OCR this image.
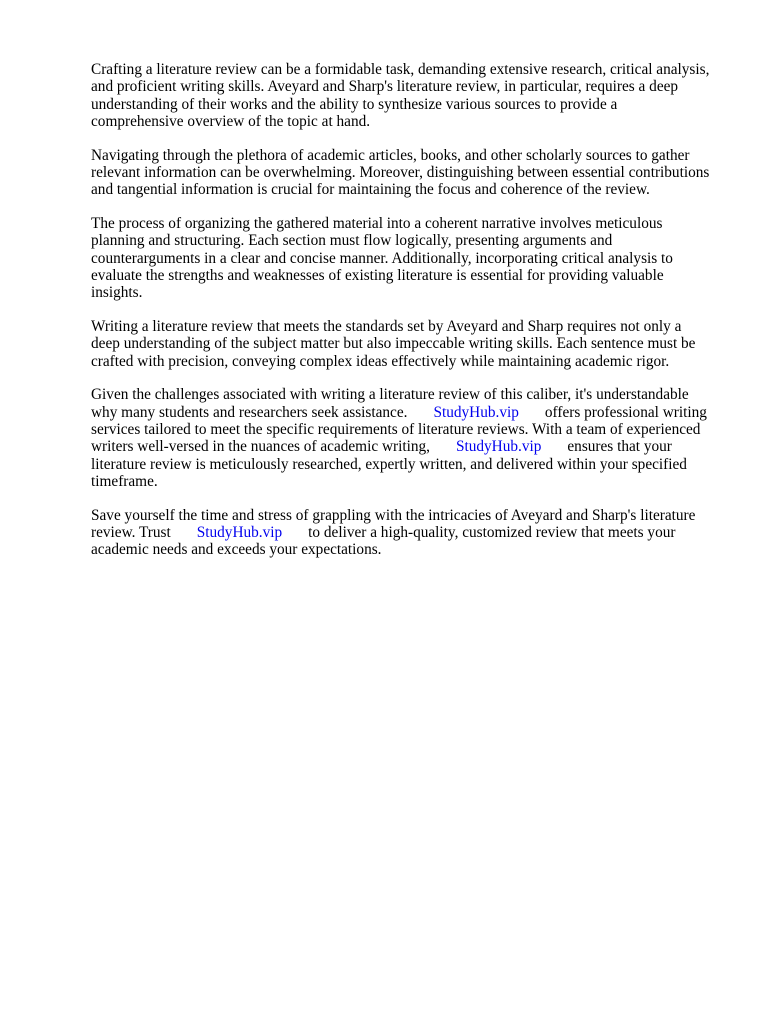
Crafting a literature review can be a formidable task, demanding extensive research, critical analysis,
and proficient writing skills. Aveyard and Sharp's literature review, in particular, requires a deep
understanding of their works and the ability to synthesize various sources to provide a
comprehensive overview of the topic at hand.

Navigating through the plethora of academic articles, books, and other scholarly sources to gather
relevant information can be overwhelming. Moreover, distinguishing between essential contributions
and tangential information is crucial for maintaining the focus and coherence of the review.

The process of organizing the gathered material into a coherent narrative involves meticulous
planning and structuring. Each section must flow logically, presenting arguments and
counterarguments in a clear and concise manner. Additionally, incorporating critical analysis to
evaluate the strengths and weaknesses of existing literature is essential for providing valuable
insights.

Writing a literature review that meets the standards set by Aveyard and Sharp requires not only a
deep understanding of the subject matter but also impeccable writing skills. Each sentence must be
crafted with precision, conveying complex ideas effectively while maintaining academic rigor.

Given the challenges associated with writing a literature review of this caliber, it's understandable
why many students and researchers seek assistance. StudyHub.vip offers professional writing
services tailored to meet the specific requirements of literature reviews. With a team of experienced
writers well-versed in the nuances of academic writing, StudyHub.vip ensures that your
literature review is meticulously researched, expertly written, and delivered within your specified
timeframe.

Save yourself the time and stress of grappling with the intricacies of Aveyard and Sharp's literature
review. Trust StudyHub.vip to deliver a high-quality, customized review that meets your
academic needs and exceeds your expectations.
